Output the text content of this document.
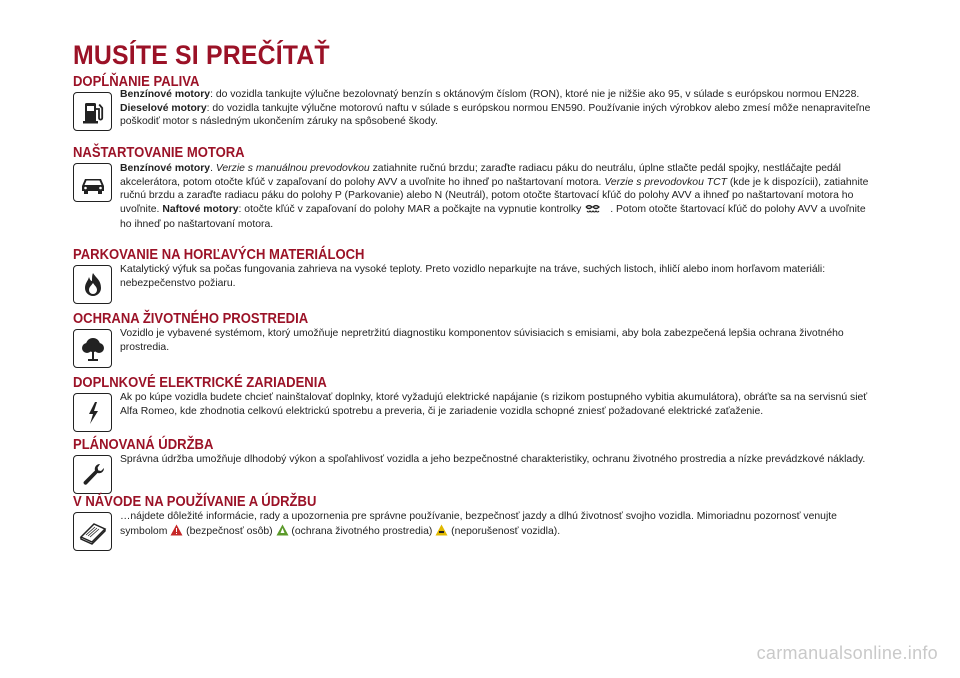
MUSÍTE SI PREČÍTAŤ
DOPĹŇANIE PALIVA
Benzínové motory: do vozidla tankujte výlučne bezolovnatý benzín s oktánovým číslom (RON), ktoré nie je nižšie ako 95, v súlade s európskou normou EN228. Dieselové motory: do vozidla tankujte výlučne motorovú naftu v súlade s európskou normou EN590. Používanie iných výrobkov alebo zmesí môže nenapraviteľne poškodiť motor s následným ukončením záruky na spôsobené škody.
NAŠTARTOVANIE MOTORA
Benzínové motory. Verzie s manuálnou prevodovkou zatiahnite ručnú brzdu; zaraďte radiacu páku do neutrálu, úplne stlačte pedál spojky, nestláčajte pedál akcelerátora, potom otočte kľúč v zapaľovaní do polohy AVV a uvoľnite ho ihneď po naštartovaní motora. Verzie s prevodovkou TCT (kde je k dispozícii), zatiahnite ručnú brzdu a zaraďte radiacu páku do polohy P (Parkovanie) alebo N (Neutrál), potom otočte štartovací kľúč do polohy AVV a ihneď po naštartovaní motora ho uvoľnite. Naftové motory: otočte kľúč v zapaľovaní do polohy MAR a počkajte na vypnutie kontrolky	. Potom otočte štartovací kľúč do polohy AVV a uvoľnite ho ihneď po naštartovaní motora.
PARKOVANIE NA HORĽAVÝCH MATERIÁLOCH
Katalytický výfuk sa počas fungovania zahrieva na vysoké teploty. Preto vozidlo neparkujte na tráve, suchých listoch, ihličí alebo inom horľavom materiáli: nebezpečenstvo požiaru.
OCHRANA ŽIVOTNÉHO PROSTREDIA
Vozidlo je vybavené systémom, ktorý umožňuje nepretržitú diagnostiku komponentov súvisiacich s emisiami, aby bola zabezpečená lepšia ochrana životného prostredia.
DOPLNKOVÉ ELEKTRICKÉ ZARIADENIA
Ak po kúpe vozidla budete chcieť nainštalovať doplnky, ktoré vyžadujú elektrické napájanie (s rizikom postupného vybitia akumulátora), obráťte sa na servisnú sieť Alfa Romeo, kde zhodnotia celkovú elektrickú spotrebu a preveria, či je zariadenie vozidla schopné zniesť požadované elektrické zaťaženie.
PLÁNOVANÁ ÚDRŽBA
Správna údržba umožňuje dlhodobý výkon a spoľahlivosť vozidla a jeho bezpečnostné charakteristiky, ochranu životného prostredia a nízke prevádzkové náklady.
V NÁVODE NA POUŽÍVANIE A ÚDRŽBU
…nájdete dôležité informácie, rady a upozornenia pre správne používanie, bezpečnosť jazdy a dlhú životnosť svojho vozidla. Mimoriadnu pozornosť venujte symbolom  (bezpečnosť osôb)  (ochrana životného prostredia)  (neporušenosť vozidla).
carmanualsonline.info
